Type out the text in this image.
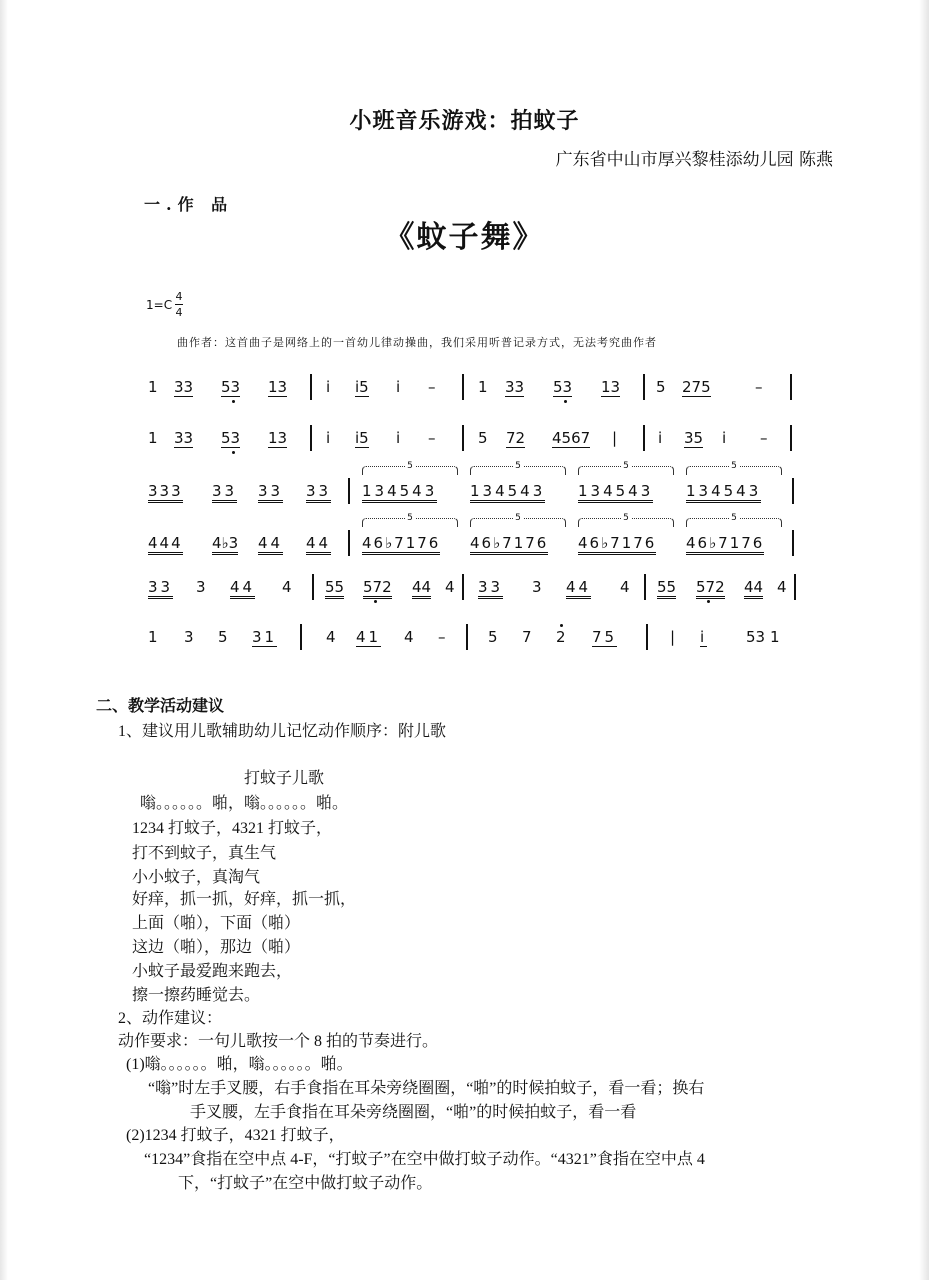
小班音乐游戏：拍蚊子
广东省中山市厚兴黎桂添幼儿园 陈燕
一.作 品
《蚊子舞》
1=C
4
4
曲作者：这首曲子是网络上的一首幼儿律动操曲，我们采用听普记录方式，无法考究曲作者
1 33 53 13	i i5 i –	1 33 53 13 5 275	–
1 33 53 13	i i5 i –	5 72 4567 |	i 35 i –
333 33 33 33
5
134543
5
134543
5
134543
5
134543
444 4♭3 44 44
5
46♭7176
5
46♭7176
5
46♭7176
5
46♭7176
33 3 44 4 55 572 44 4 33 3 44 4 55 572 44 4
1 3 5 31	4 41 4 –	5 7 2 75	| i	53 1
二、教学活动建议
1、建议用儿歌辅助幼儿记忆动作顺序：附儿歌
打蚊子儿歌
嗡。。。。。。啪，嗡。。。。。。啪。
1234 打蚊子，4321 打蚊子，
打不到蚊子，真生气
小小蚊子，真淘气
好痒，抓一抓，好痒，抓一抓，
上面（啪），下面（啪）
这边（啪），那边（啪）
小蚊子最爱跑来跑去，
擦一擦药睡觉去。
2、动作建议：
动作要求：一句儿歌按一个 8 拍的节奏进行。
(1)嗡。。。。。。啪，嗡。。。。。。啪。
“嗡”时左手叉腰，右手食指在耳朵旁绕圈圈，“啪”的时候拍蚊子，看一看；换右
手叉腰，左手食指在耳朵旁绕圈圈，“啪”的时候拍蚊子，看一看
(2)1234 打蚊子，4321 打蚊子，
“1234”食指在空中点 4-F，“打蚊子”在空中做打蚊子动作。“4321”食指在空中点 4
下，“打蚊子”在空中做打蚊子动作。
